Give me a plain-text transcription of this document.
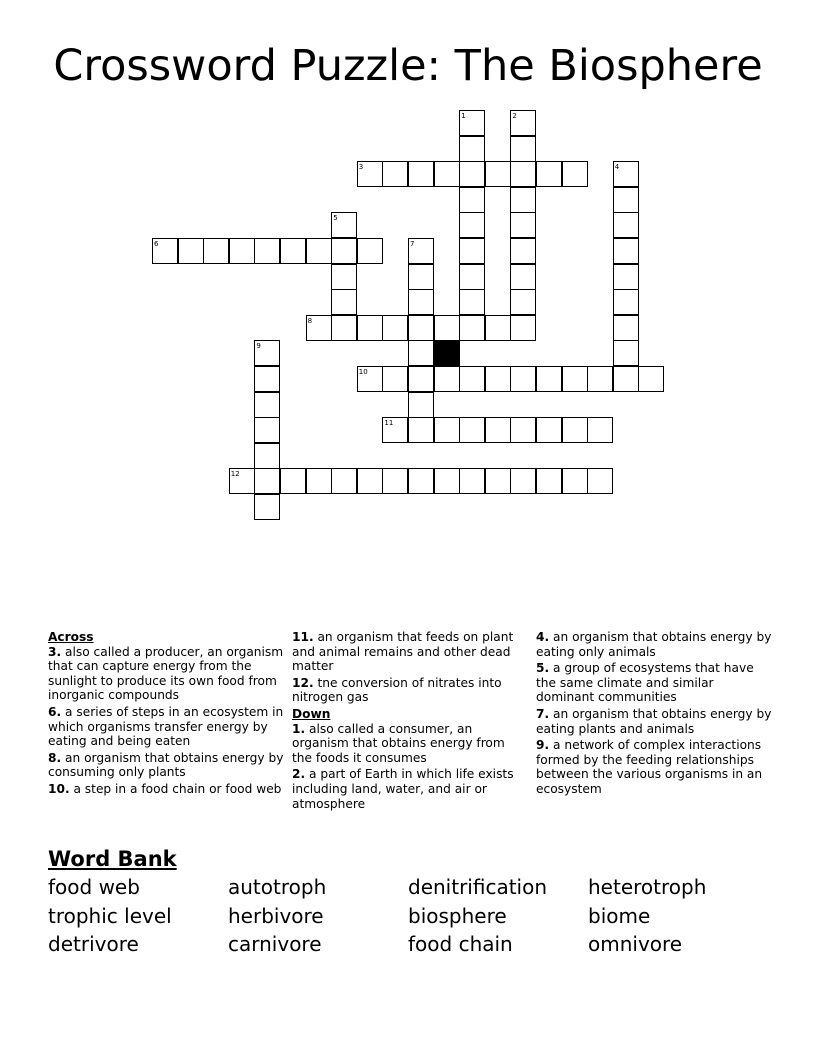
Crossword Puzzle: The Biosphere
1	2
3	4
5
6	7
8
9
10
11
12
Across
3. also called a producer, an organism that can capture energy from the sunlight to produce its own food from inorganic compounds
6. a series of steps in an ecosystem in which organisms transfer energy by eating and being eaten
8. an organism that obtains energy by consuming only plants
10. a step in a food chain or food web
11. an organism that feeds on plant and animal remains and other dead matter
12. tne conversion of nitrates into nitrogen gas
Down
1. also called a consumer, an organism that obtains energy from the foods it consumes
2. a part of Earth in which life exists including land, water, and air or atmosphere
4. an organism that obtains energy by eating only animals
5. a group of ecosystems that have the same climate and similar dominant communities
7. an organism that obtains energy by eating plants and animals
9. a network of complex interactions formed by the feeding relationships between the various organisms in an ecosystem
Word Bank
food web	autotroph	denitrification	heterotroph
trophic level	herbivore	biosphere	biome
detrivore	carnivore	food chain	omnivore
